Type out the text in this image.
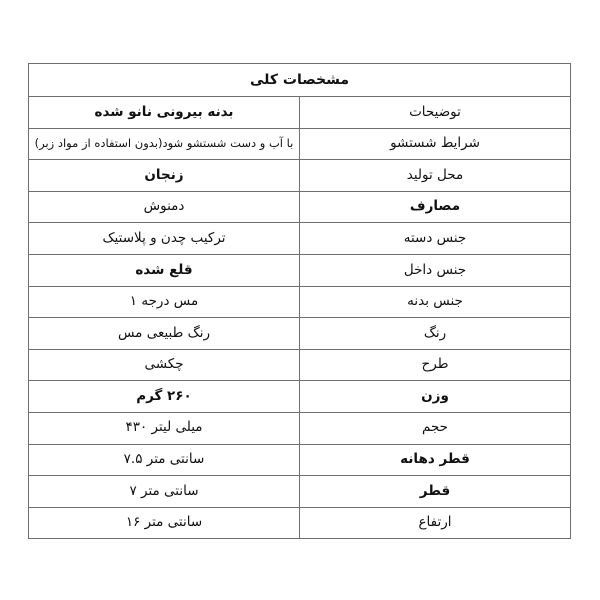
مشخصات کلی	
توضیحات	بدنه بیرونی نانو شده
شرایط شستشو	با آب و دست شستشو شود(بدون استفاده از مواد زبر)
محل تولید	زنجان
مصارف	دمنوش
جنس دسته	ترکیب چدن و پلاستیک
جنس داخل	قلع شده
جنس بدنه	مس درجه ۱
رنگ	رنگ طبیعی مس
طرح	چکشی
وزن	۲۶۰ گرم
حجم	میلی لیتر ۴۳۰
قطر دهانه	سانتی متر ۷.۵
قطر	سانتی متر ۷
ارتفاع	سانتی متر ۱۶
